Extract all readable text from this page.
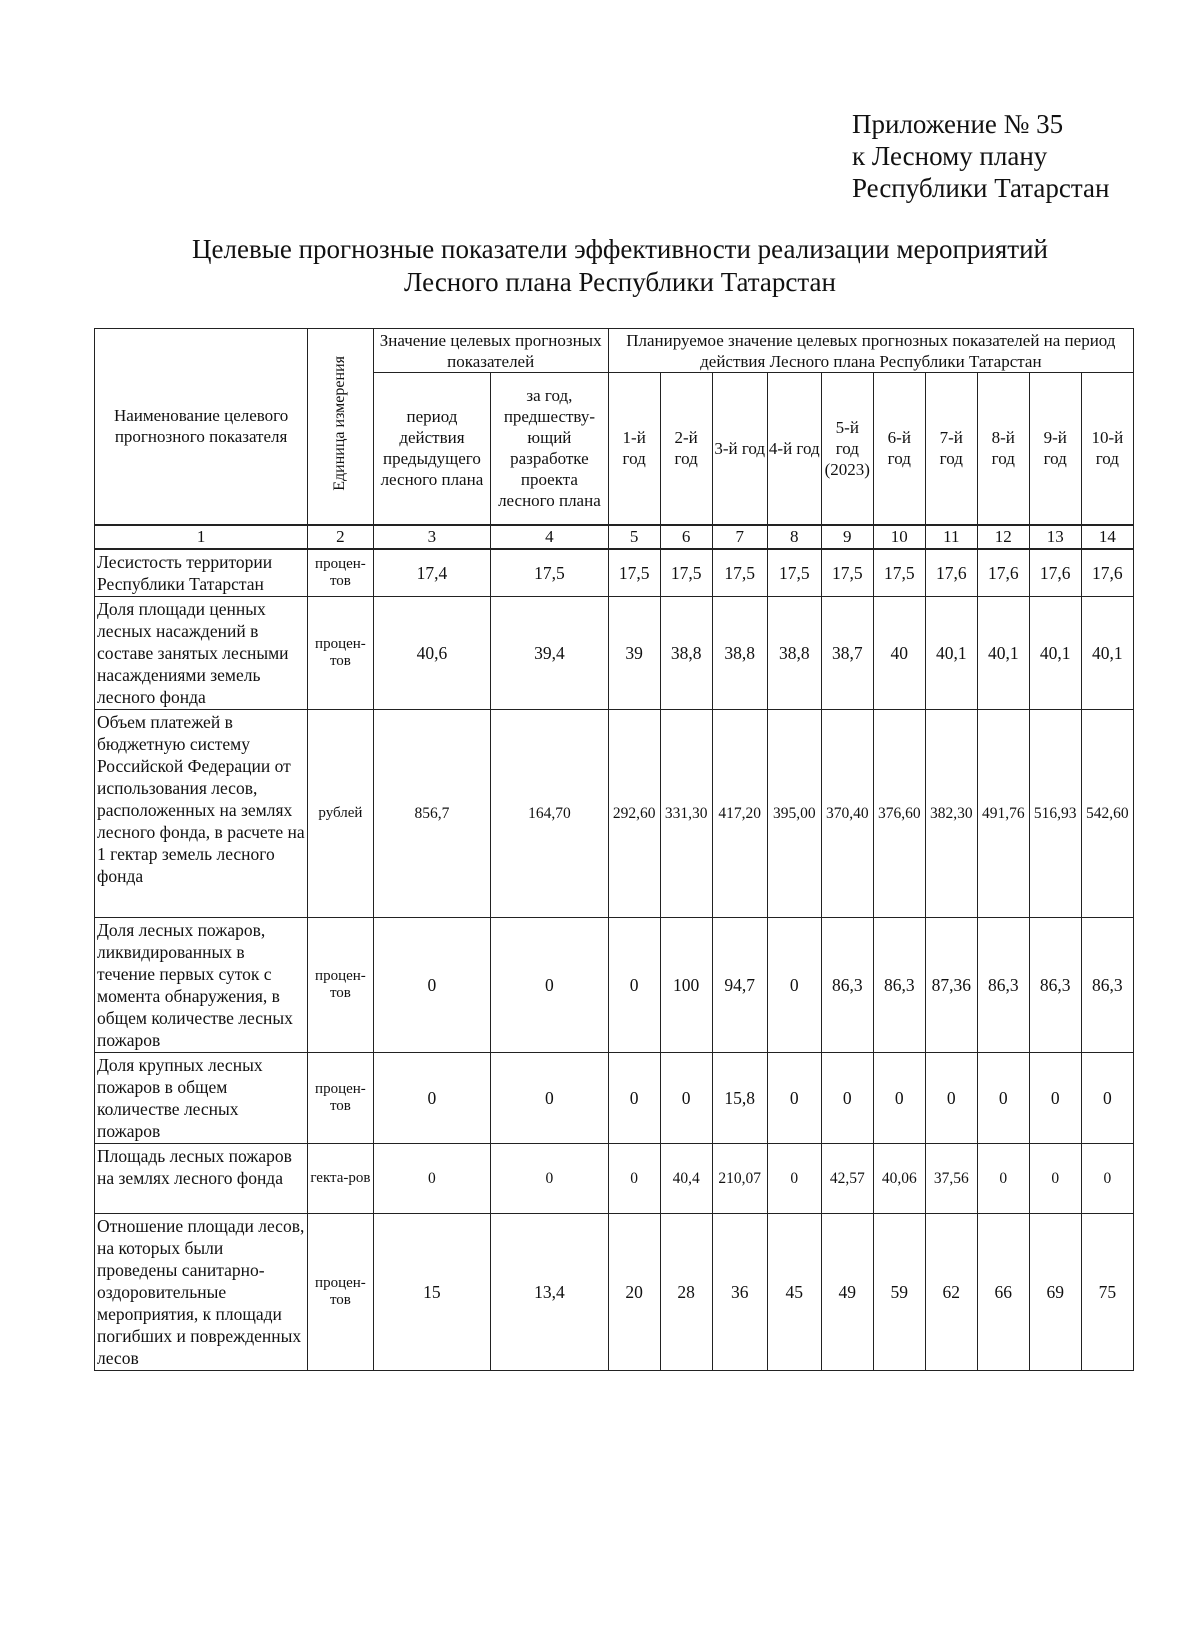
Приложение № 35
к Лесному плану
Республики Татарстан
Целевые прогнозные показатели эффективности реализации мероприятий
Лесного плана Республики Татарстан
Наименование целевого прогнозного показателя	Единица измерения	Значение целевых прогнозных показателей		Планируемое значение целевых прогнозных показателей на период действия Лесного плана Республики Татарстан									
		период действия предыдущего лесного плана	за год, предшеству-ющий разработке проекта лесного плана	1-й год	2-й год	3-й год	4-й год	5-й год (2023)	6-й год	7-й год	8-й год	9-й год	10-й год
1	2	3	4	5	6	7	8	9	10	11	12	13	14
Лесистость территории Республики Татарстан	процен-тов	17,4	17,5	17,5	17,5	17,5	17,5	17,5	17,5	17,6	17,6	17,6	17,6
Доля площади ценных лесных насаждений в составе занятых лесными насаждениями земель лесного фонда	процен-тов	40,6	39,4	39	38,8	38,8	38,8	38,7	40	40,1	40,1	40,1	40,1
Объем платежей в бюджетную систему Российской Федерации от использования лесов, расположенных на землях лесного фонда, в расчете на 1 гектар земель лесного фонда	рублей	856,7	164,70	292,60	331,30	417,20	395,00	370,40	376,60	382,30	491,76	516,93	542,60
Доля лесных пожаров, ликвидированных в течение первых суток с момента обнаружения, в общем количестве лесных пожаров	процен-тов	0	0	0	100	94,7	0	86,3	86,3	87,36	86,3	86,3	86,3
Доля крупных лесных пожаров в общем количестве лесных пожаров	процен-тов	0	0	0	0	15,8	0	0	0	0	0	0	0
Площадь лесных пожаров на землях лесного фонда	гекта-ров	0	0	0	40,4	210,07	0	42,57	40,06	37,56	0	0	0
Отношение площади лесов, на которых были проведены санитарно-оздоровительные мероприятия, к площади погибших и поврежденных лесов	процен-тов	15	13,4	20	28	36	45	49	59	62	66	69	75
